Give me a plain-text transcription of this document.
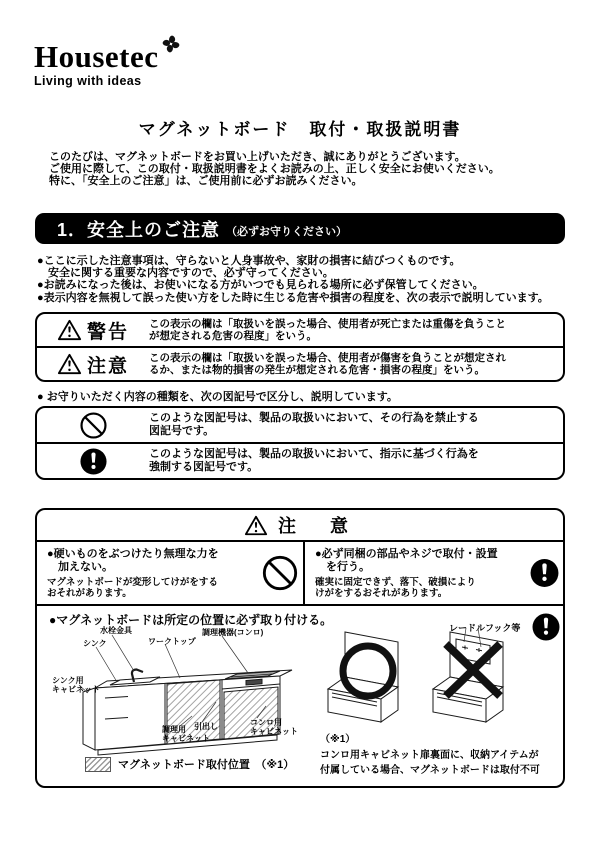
Housetec
Living with ideas
マグネットボード　取付・取扱説明書
このたびは、マグネットボードをお買い上げいただき、誠にありがとうございます。
ご使用に際して、この取付・取扱説明書をよくお読みの上、正しく安全にお使いください。
特に、「安全上のご注意」は、ご使用前に必ずお読みください。
1． 安全上のご注意 （必ずお守りください）
●ここに示した注意事項は、守らないと人身事故や、家財の損害に結びつくものです。
　安全に関する重要な内容ですので、必ず守ってください。
●お読みになった後は、お使いになる方がいつでも見られる場所に必ず保管してください。
●表示内容を無視して誤った使い方をした時に生じる危害や損害の程度を、次の表示で説明しています。
警告 この表示の欄は「取扱いを誤った場合、使用者が死亡または重傷を負うこと
が想定される危害の程度」をいう。
注意 この表示の欄は「取扱いを誤った場合、使用者が傷害を負うことが想定され
るか、または物的損害の発生が想定される危害・損害の程度」をいう。
● お守りいただく内容の種類を、次の図記号で区分し、説明しています。
このような図記号は、製品の取扱いにおいて、その行為を禁止する
図記号です。
このような図記号は、製品の取扱いにおいて、指示に基づく行為を
強制する図記号です。
注　意
●硬いものをぶつけたり無理な力を
　加えない。
マグネットボードが変形してけがをする
おそれがあります。
●必ず同梱の部品やネジで取付・設置
　を行う。
確実に固定できず、落下、破損により
けがをするおそれがあります。
●マグネットボードは所定の位置に必ず取り付ける。
レードルフック等
水栓金具
シンク	ワークトップ
調理機器(コンロ)
シンク用
キャビネット
調理用
キャビネット
引出し	コンロ用
キャビネット
マグネットボード取付位置　（※1）
（※1）
コンロ用キャビネット扉裏面に、収納アイテムが
付属している場合、マグネットボードは取付不可
